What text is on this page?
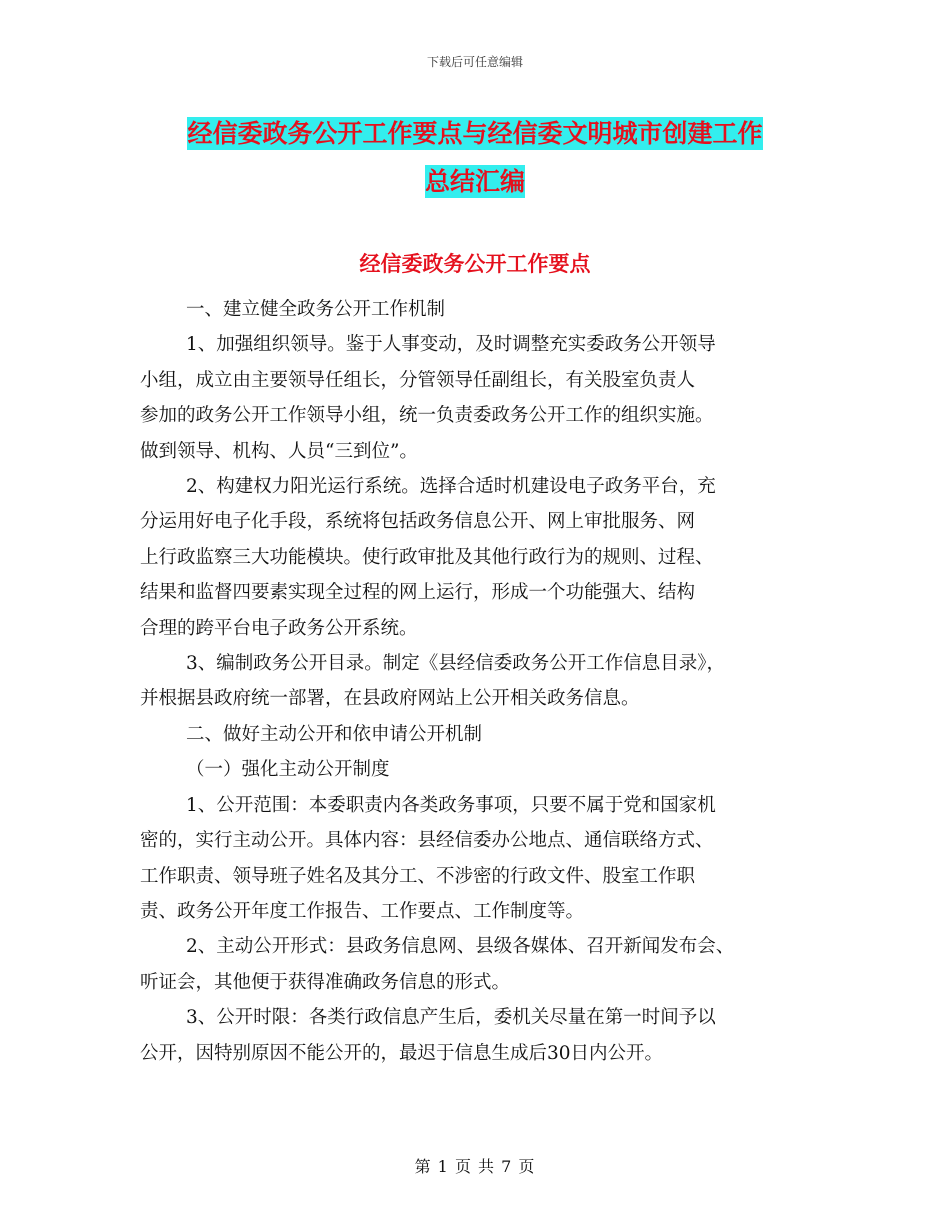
下载后可任意编辑
经信委政务公开工作要点与经信委文明城市创建工作
总结汇编
经信委政务公开工作要点

一、建立健全政务公开工作机制

1、加强组织领导。鉴于人事变动，及时调整充实委政务公开领导

小组，成立由主要领导任组长，分管领导任副组长，有关股室负责人

参加的政务公开工作领导小组，统一负责委政务公开工作的组织实施。

做到领导、机构、人员“三到位”。

2、构建权力阳光运行系统。选择合适时机建设电子政务平台，充

分运用好电子化手段，系统将包括政务信息公开、网上审批服务、网

上行政监察三大功能模块。使行政审批及其他行政行为的规则、过程、

结果和监督四要素实现全过程的网上运行，形成一个功能强大、结构

合理的跨平台电子政务公开系统。

3、编制政务公开目录。制定《县经信委政务公开工作信息目录》，

并根据县政府统一部署，在县政府网站上公开相关政务信息。

二、做好主动公开和依申请公开机制

（一）强化主动公开制度

1、公开范围：本委职责内各类政务事项，只要不属于党和国家机

密的，实行主动公开。具体内容：县经信委办公地点、通信联络方式、

工作职责、领导班子姓名及其分工、不涉密的行政文件、股室工作职

责、政务公开年度工作报告、工作要点、工作制度等。

2、主动公开形式：县政务信息网、县级各媒体、召开新闻发布会、

听证会，其他便于获得准确政务信息的形式。

3、公开时限：各类行政信息产生后，委机关尽量在第一时间予以

公开，因特别原因不能公开的，最迟于信息生成后30日内公开。

第 1 页 共 7 页
